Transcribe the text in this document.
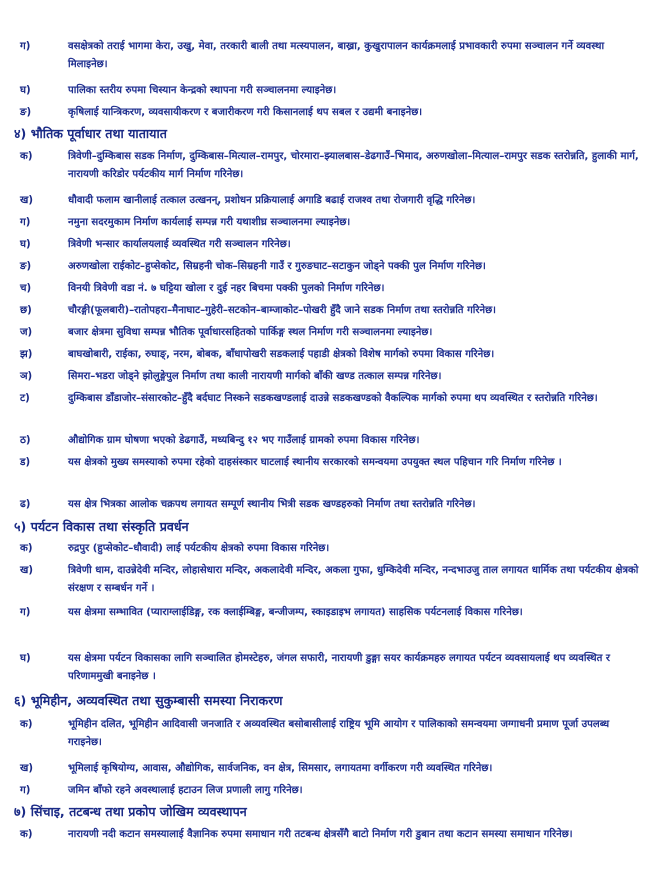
ग)	वसक्षेत्रको तराई भागमा केरा, उखु, मेवा, तरकारी बाली तथा मत्स्यपालन, बाख्रा, कुखुरापालन कार्यक्रमलाई प्रभावकारी रुपमा सञ्चालन गर्ने व्यवस्था मिलाइनेछ।
घ)	पालिका स्तरीय रुपमा चिस्यान केन्द्रको स्थापना गरी सञ्चालनमा ल्याइनेछ।
ङ)	कृषिलाई यान्त्रिकरण, व्यवसायीकरण र बजारीकरण गरी किसानलाई थप सबल र उद्यमी बनाइनेछ।
४) भौतिक पूर्वाधार तथा यातायात
क)	त्रिवेणी–दुम्किबास सडक निर्माण, दुम्किबास–मित्याल–रामपुर, चोरमारा–झ्यालबास–डेढगाउँ–भिमाद, अरुणखोला–मित्याल–रामपुर सडक स्तरोन्नति, हुलाकी मार्ग, नारायणी करिडोर पर्यटकीय मार्ग निर्माण गरिनेछ।
ख)	धौवादी फलाम खानीलाई तत्काल उत्खनन्, प्रशोधन प्रक्रियालाई अगाडि बढाई राजश्व तथा रोजगारी वृद्धि गरिनेछ।
ग)	नमुना सदरमुकाम निर्माण कार्यलाई सम्पन्न गरी यथाशीघ्र सञ्चालनमा ल्याइनेछ।
घ)	त्रिवेणी भन्सार कार्यालयलाई व्यवस्थित गरी सञ्चालन गरिनेछ।
ङ)	अरुणखोला राईकोट–हुप्सेकोट, सिम्रहनी चोक–सिम्रहनी गाउँ र गुरुङघाट–सटाकुन जोड्ने पक्की पुल निर्माण गरिनेछ।
च)	विनयी त्रिवेणी वडा नं. ७ घट्टिया खोला र दुई नहर बिचमा पक्की पुलको निर्माण गरिनेछ।
छ)	चौरङ्गी(फूलबारी)–रातोपहरा–मैनाघाट–गुहेरी–सटकोन–बाम्जाकोट–पोखरी हुँदै जाने सडक निर्माण तथा स्तरोन्नति गरिनेछ।
ज)	बजार क्षेत्रमा सुविधा सम्पन्न भौतिक पूर्वाधारसहितको पार्किङ्ग स्थल निर्माण गरी सञ्चालनमा ल्याइनेछ।
झ)	बाघखोबारी, राईका, रुघाङ्, नरम, बोबक, बाँधापोखरी सडकलाई पहाडी क्षेत्रको विशेष मार्गको रुपमा विकास गरिनेछ।
ञ)	सिमरा–भडरा जोड्ने झोलुङ्गेपुल निर्माण तथा काली नारायणी मार्गको बाँकी खण्ड तत्काल सम्पन्न गरिनेछ।
ट)	दुम्किबास डाँडाजोर–संसारकोट–हुँदै बर्दघाट निस्कने सडकखण्डलाई दाउन्ने सडकखण्डको वैकल्पिक मार्गको रुपमा थप व्यवस्थित र स्तरोन्नति गरिनेछ।
ठ)	औद्योगिक ग्राम घोषणा भएको डेढगाउँ, मध्यबिन्दु १२ भए गाउँलाई ग्रामको रुपमा विकास गरिनेछ।
ड)	यस क्षेत्रको मुख्य समस्याको रुपमा रहेको दाहसंस्कार घाटलाई स्थानीय सरकारको समन्वयमा उपयुक्त स्थल पहिचान गरि निर्माण गरिनेछ ।
ढ)	यस क्षेत्र भित्रका आलोक चक्रपथ लगायत सम्पूर्ण स्थानीय भित्री सडक खण्डहरुको निर्माण तथा स्तरोन्नति गरिनेछ।
५) पर्यटन विकास तथा संस्कृति प्रवर्धन
क)	रुद्रपुर (हुप्सेकोट–धौवादी) लाई पर्यटकीय क्षेत्रको रुपमा विकास गरिनेछ।
ख)	त्रिवेणी धाम, दाउन्नेदेवी मन्दिर, लोहासेधारा मन्दिर, अकलादेवी मन्दिर, अकला गुफा, धुम्किदेवी मन्दिर, नन्दभाउजु ताल लगायत धार्मिक तथा पर्यटकीय क्षेत्रको संरक्षण र सम्बर्धन गर्ने ।
ग)	यस क्षेत्रमा सम्भावित (प्याराग्लाईडिङ्ग, रक क्लाईम्बिङ्ग, बन्जीजम्प, स्काइडाइभ लगायत) साहसिक पर्यटनलाई विकास गरिनेछ।
घ)	यस क्षेत्रमा पर्यटन विकासका लागि सञ्चालित होमस्टेहरु, जंगल सफारी, नारायणी डुङ्गा सयर कार्यक्रमहरु लगायत पर्यटन व्यवसायलाई थप व्यवस्थित र परिणाममुखी बनाइनेछ ।
६) भूमिहीन, अव्यवस्थित तथा सुकुम्बासी समस्या निराकरण
क)	भूमिहीन दलित, भूमिहीन आदिवासी जनजाति र अव्यवस्थित बसोबासीलाई राष्ट्रिय भूमि आयोग र पालिकाको समन्वयमा जग्गाधनी प्रमाण पूर्जा उपलब्ध गराइनेछ।
ख)	भूमिलाई कृषियोग्य, आवास, औद्योगिक, सार्वजनिक, वन क्षेत्र, सिमसार, लगायतमा वर्गीकरण गरी व्यवस्थित गरिनेछ।
ग)	जमिन बाँफो रहने अवस्थालाई हटाउन लिज प्रणाली लागु गरिनेछ।
७) सिंचाइ, तटबन्ध तथा प्रकोप जोखिम व्यवस्थापन
क)	नारायणी नदी कटान समस्यालाई वैज्ञानिक रुपमा समाधान गरी तटबन्ध क्षेत्रसँगै बाटो निर्माण गरी डुबान तथा कटान समस्या समाधान गरिनेछ।
